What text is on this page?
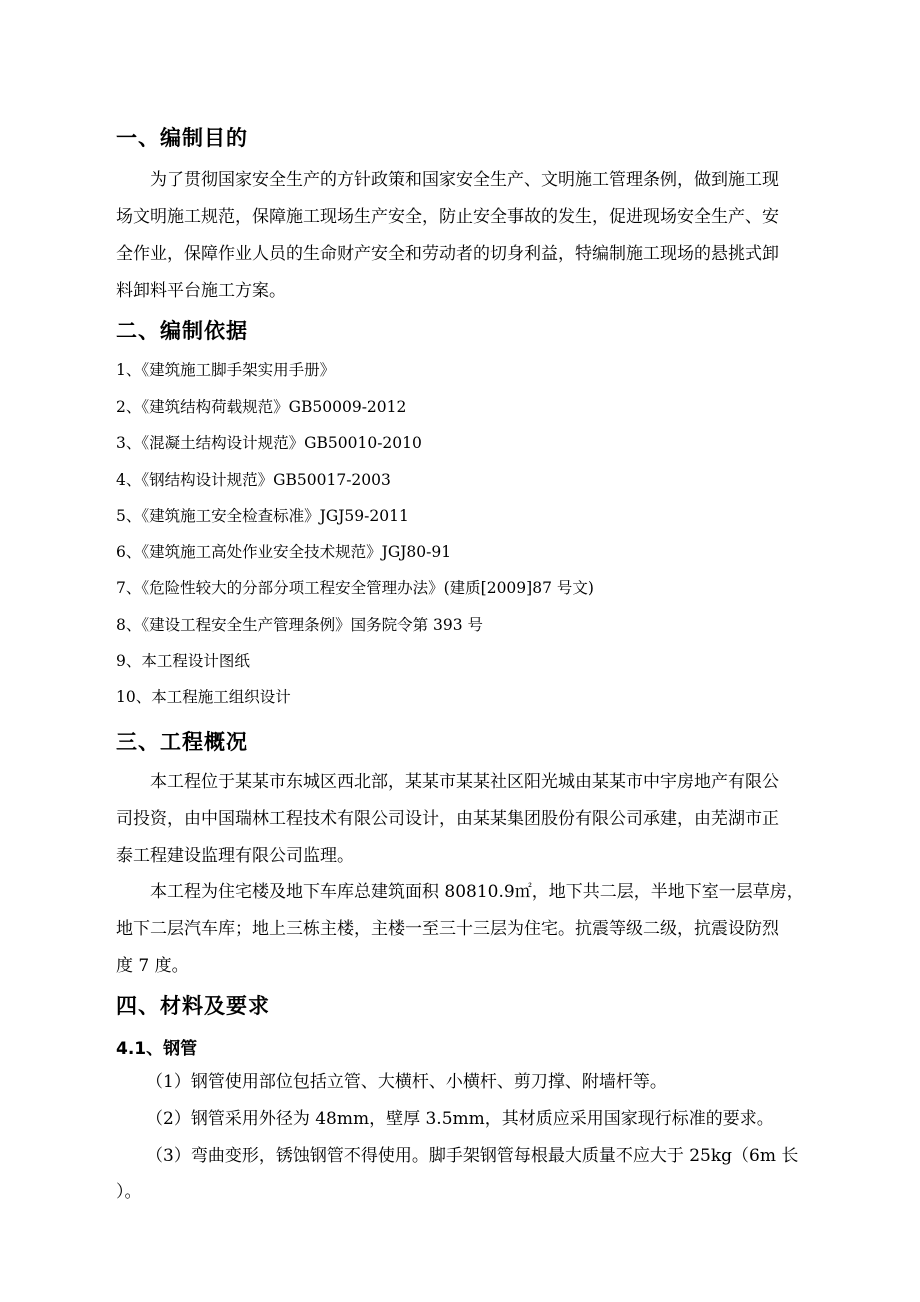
一、编制目的
为了贯彻国家安全生产的方针政策和国家安全生产、文明施工管理条例，做到施工现
场文明施工规范，保障施工现场生产安全，防止安全事故的发生，促进现场安全生产、安
全作业，保障作业人员的生命财产安全和劳动者的切身利益，特编制施工现场的悬挑式卸
料卸料平台施工方案。
二、编制依据
1、《建筑施工脚手架实用手册》
2、《建筑结构荷载规范》GB50009-2012
3、《混凝土结构设计规范》GB50010-2010
4、《钢结构设计规范》GB50017-2003
5、《建筑施工安全检查标准》JGJ59-2011
6、《建筑施工高处作业安全技术规范》JGJ80-91
7、《危险性较大的分部分项工程安全管理办法》(建质[2009]87 号文)
8、《建设工程安全生产管理条例》国务院令第 393 号
9、本工程设计图纸
10、本工程施工组织设计
三、工程概况
本工程位于某某市东城区西北部，某某市某某社区阳光城由某某市中宇房地产有限公
司投资，由中国瑞林工程技术有限公司设计，由某某集团股份有限公司承建，由芜湖市正
泰工程建设监理有限公司监理。
本工程为住宅楼及地下车库总建筑面积 80810.9㎡，地下共二层，半地下室一层草房，
地下二层汽车库；地上三栋主楼，主楼一至三十三层为住宅。抗震等级二级，抗震设防烈
度 7 度。
四、材料及要求
4.1、钢管
（1）钢管使用部位包括立管、大横杆、小横杆、剪刀撑、附墙杆等。
（2）钢管采用外径为 48mm，壁厚 3.5mm，其材质应采用国家现行标准的要求。
（3）弯曲变形，锈蚀钢管不得使用。脚手架钢管每根最大质量不应大于 25kg（6m 长
）。
